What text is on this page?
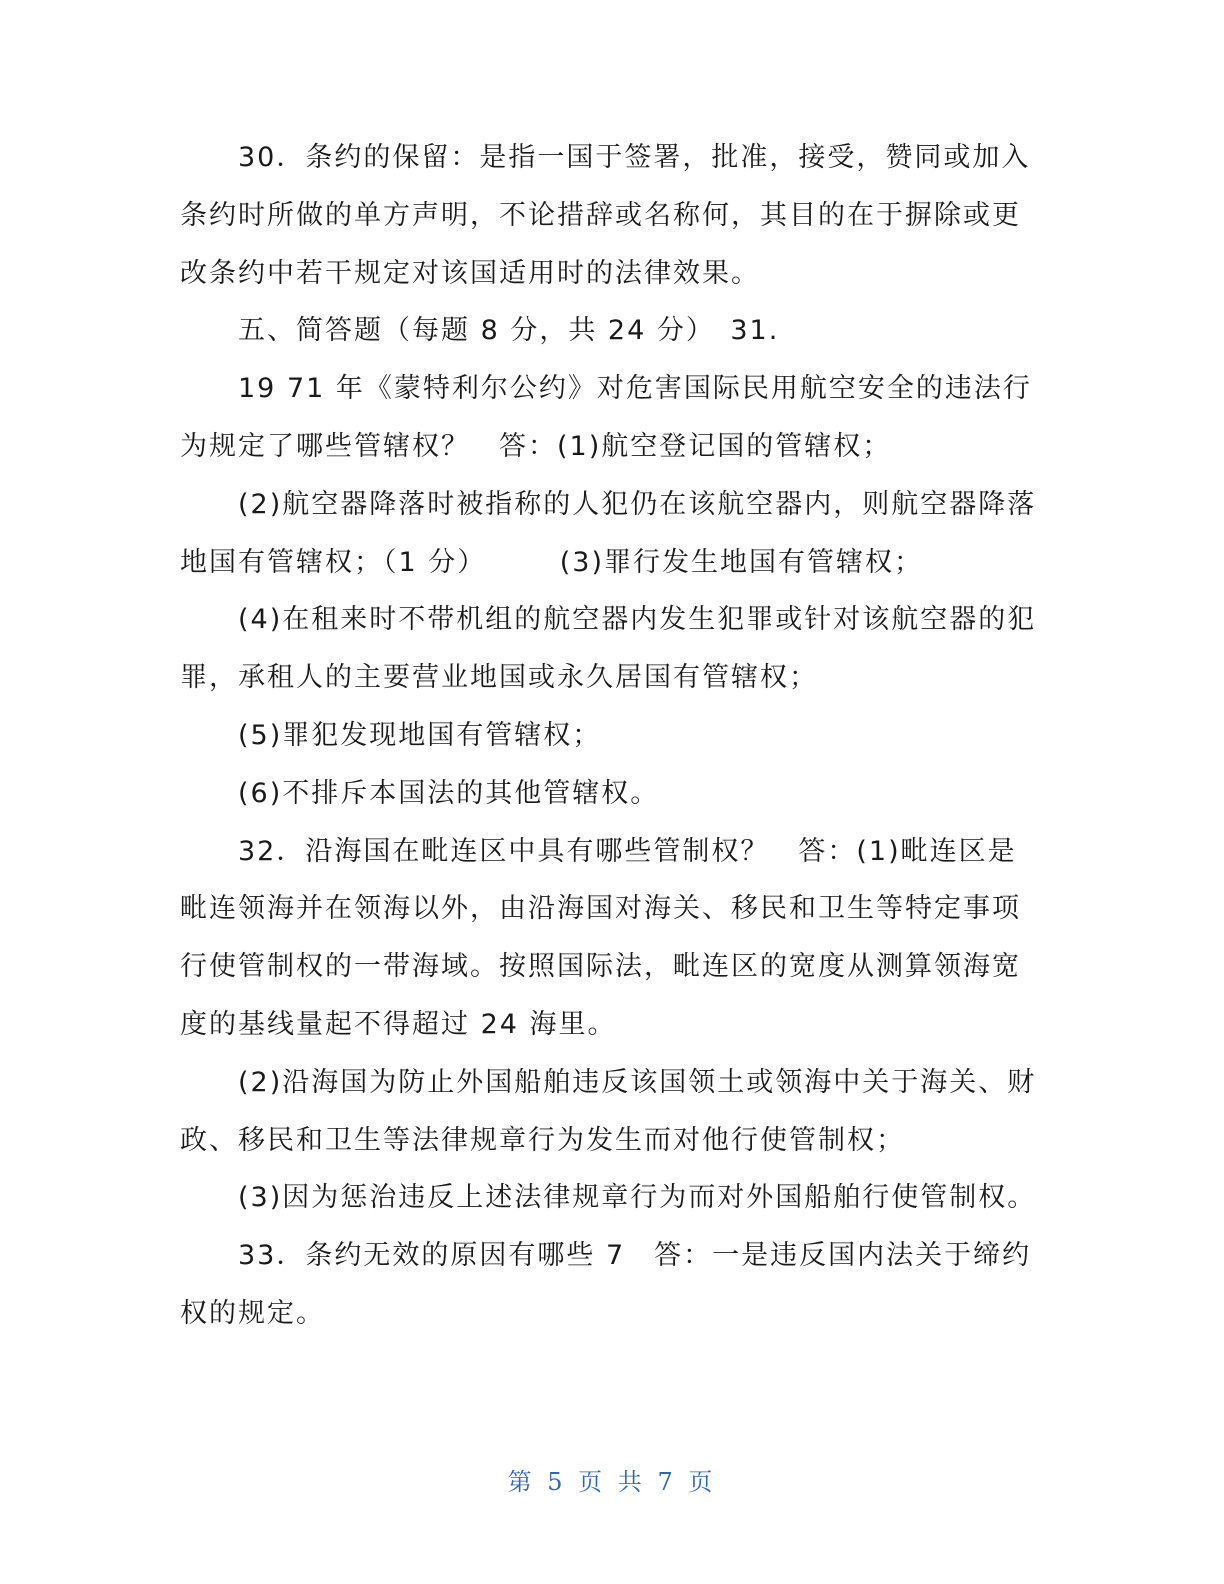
30．条约的保留：是指一国于签署，批准，接受，赞同或加入条约时所做的单方声明，不论措辞或名称何，其目的在于摒除或更改条约中若干规定对该国适用时的法律效果。

五、简答题（每题 8 分，共 24 分）　31.

19 71 年《蒙特利尔公约》对危害国际民用航空安全的违法行为规定了哪些管辖权？　答：(1)航空登记国的管辖权；

(2)航空器降落时被指称的人犯仍在该航空器内，则航空器降落地国有管辖权；（1 分）　　　(3)罪行发生地国有管辖权；

(4)在租来时不带机组的航空器内发生犯罪或针对该航空器的犯罪，承租人的主要营业地国或永久居国有管辖权；

(5)罪犯发现地国有管辖权；

(6)不排斥本国法的其他管辖权。

32．沿海国在毗连区中具有哪些管制权？　答：(1)毗连区是毗连领海并在领海以外，由沿海国对海关、移民和卫生等特定事项行使管制权的一带海域。按照国际法，毗连区的宽度从测算领海宽度的基线量起不得超过 24 海里。

(2)沿海国为防止外国船舶违反该国领土或领海中关于海关、财政、移民和卫生等法律规章行为发生而对他行使管制权；

(3)因为惩治违反上述法律规章行为而对外国船舶行使管制权。

33．条约无效的原因有哪些 7　答：一是违反国内法关于缔约权的规定。

第 5 页 共 7 页
